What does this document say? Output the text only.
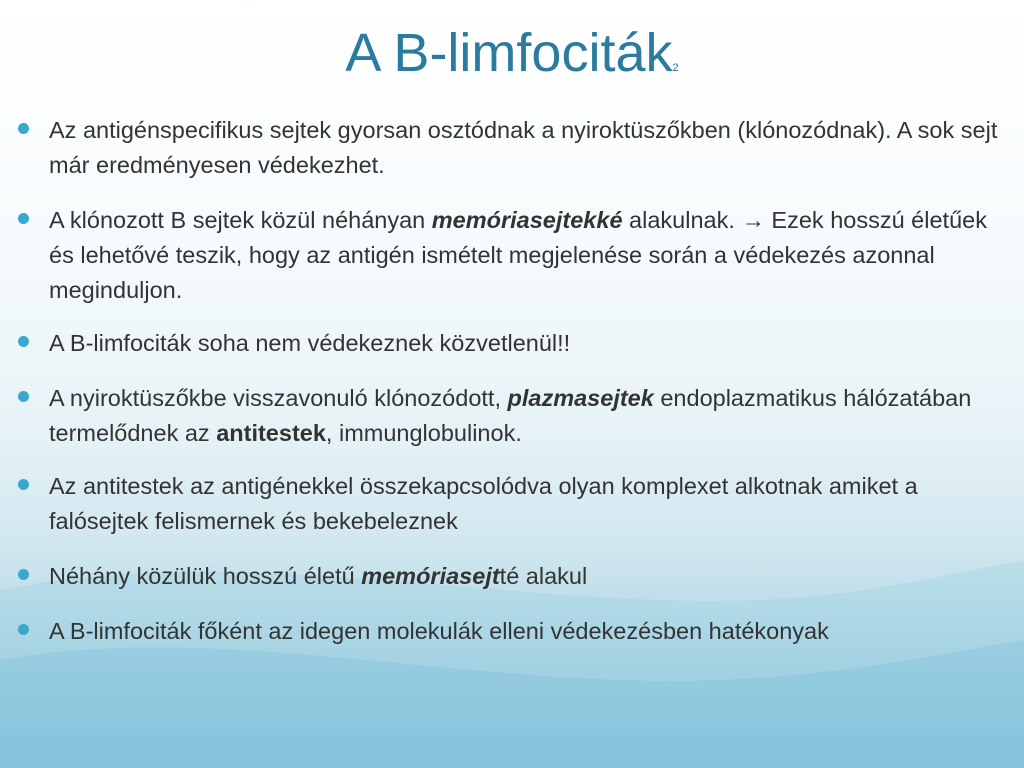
A B-limfociták2
Az antigénspecifikus sejtek gyorsan osztódnak a nyiroktüszőkben (klónozódnak). A sok sejt már eredményesen védekezhet.
A klónozott B sejtek közül néhányan memóriasejtekké alakulnak. → Ezek hosszú életűek és lehetővé teszik, hogy az antigén ismételt megjelenése során a védekezés azonnal meginduljon.
A B-limfociták soha nem védekeznek közvetlenül!!
A nyiroktüszőkbe visszavonuló klónozódott, plazmasejtek endoplazmatikus hálózatában termelődnek az antitestek, immunglobulinok.
Az antitestek az antigénekkel összekapcsolódva olyan komplexet alkotnak amiket a falósejtek felismernek és bekebeleznek
Néhány közülük hosszú életű memóriasejtté alakul
A B-limfociták főként az idegen molekulák elleni védekezésben hatékonyak
